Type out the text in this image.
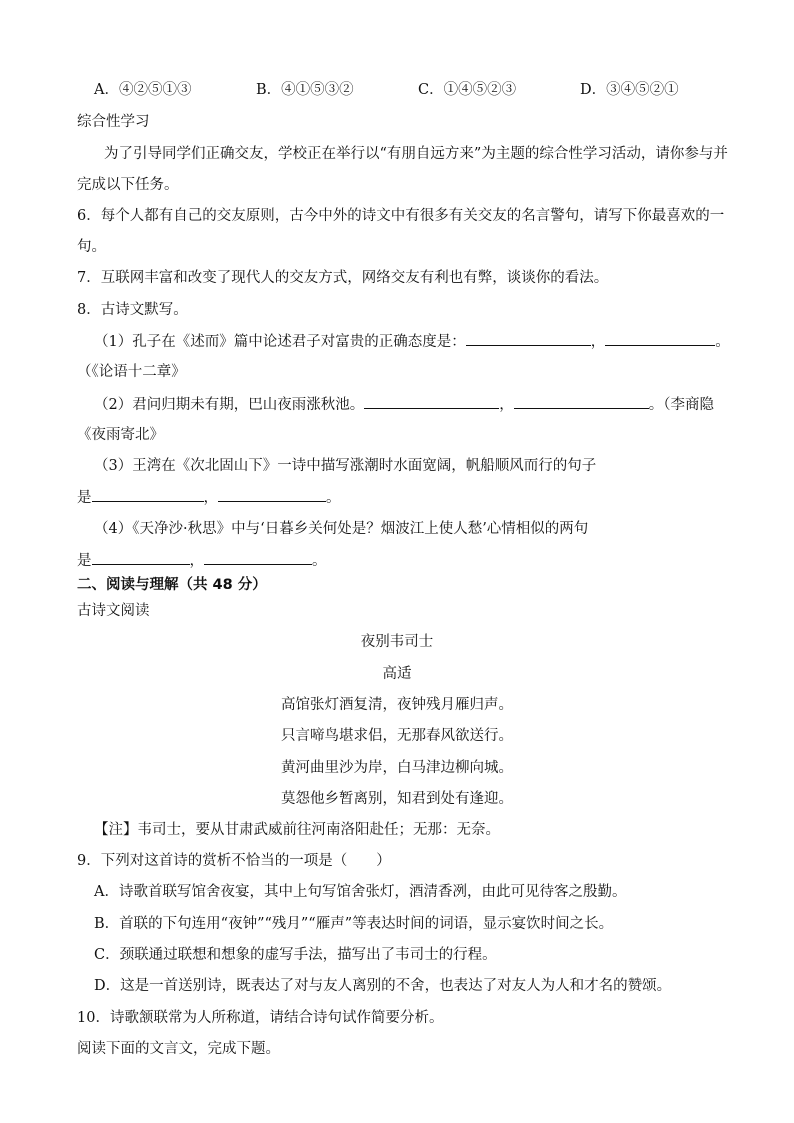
A．④②⑤①③	B．④①⑤③②	C．①④⑤②③	D．③④⑤②①
综合性学习
为了引导同学们正确交友，学校正在举行以“有朋自远方来”为主题的综合性学习活动，请你参与并
完成以下任务。
6．每个人都有自己的交友原则，古今中外的诗文中有很多有关交友的名言警句，请写下你最喜欢的一
句。
7．互联网丰富和改变了现代人的交友方式，网络交友有利也有弊，谈谈你的看法。
8．古诗文默写。
（1）孔子在《述而》篇中论述君子对富贵的正确态度是：	，	。
（《论语十二章》
（2）君问归期未有期，巴山夜雨涨秋池。	，	。（李商隐
《夜雨寄北》
（3）王湾在《次北固山下》一诗中描写涨潮时水面宽阔，帆船顺风而行的句子
是	，	。
（4）《天净沙·秋思》中与‘日暮乡关何处是？烟波江上使人愁’心情相似的两句
是	，	。
二、阅读与理解（共 48 分）
古诗文阅读
夜别韦司士
高适
高馆张灯酒复清，夜钟残月雁归声。
只言啼鸟堪求侣，无那春风欲送行。
黄河曲里沙为岸，白马津边柳向城。
莫怨他乡暂离别，知君到处有逢迎。
【注】韦司士，要从甘肃武威前往河南洛阳赴任；无那：无奈。
9．下列对这首诗的赏析不恰当的一项是（　　）
A．诗歌首联写馆舍夜宴，其中上句写馆舍张灯，酒清香冽，由此可见待客之殷勤。
B．首联的下句连用“夜钟”“残月”“雁声”等表达时间的词语，显示宴饮时间之长。
C．颈联通过联想和想象的虚写手法，描写出了韦司士的行程。
D．这是一首送别诗，既表达了对与友人离别的不舍，也表达了对友人为人和才名的赞颂。
10．诗歌颔联常为人所称道，请结合诗句试作简要分析。
阅读下面的文言文，完成下题。
